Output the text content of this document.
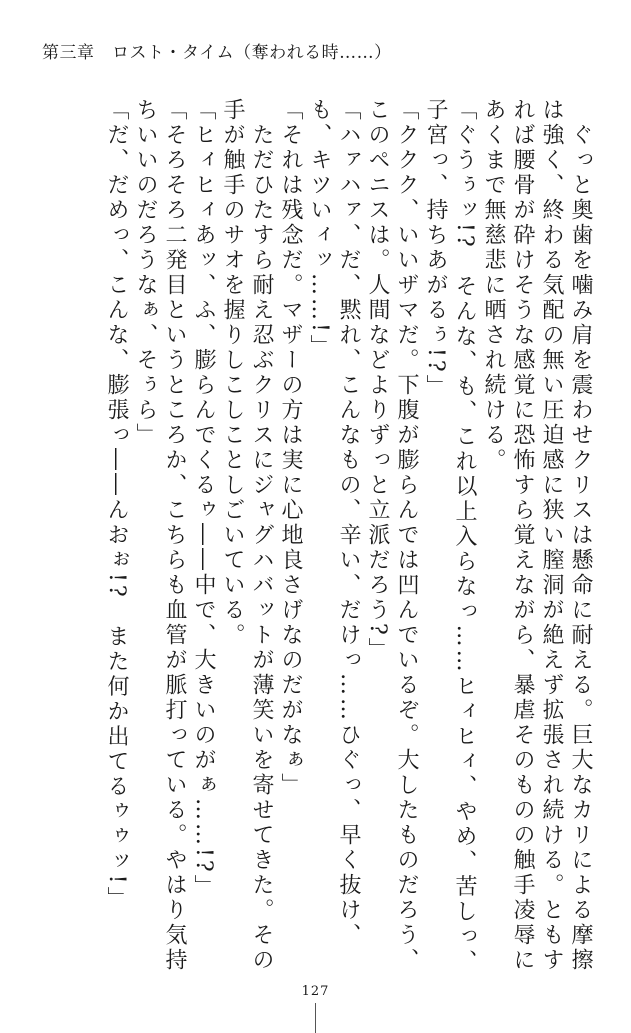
第三章　ロスト・タイム（奪われる時……）

　ぐっと奥歯を噛み肩を震わせクリスは懸命に耐える。巨大なカリによる摩擦は強く、終わる気配の無い圧迫感に狭い膣洞が絶えず拡張され続ける。ともすれば腰骨が砕けそうな感覚に恐怖すら覚えながら、暴虐そのものの触手凌辱にあくまで無慈悲に晒され続ける。

「ぐうぅッ!?　そんな、も、これ以上入らなっ……ヒィヒィ、やめ、苦しっ、子宮っ、持ちあがるぅ!?」

「ククク、いいザマだ。下腹が膨らんでは凹んでいるぞ。大したものだろう、このペニスは。人間などよりずっと立派だろう?」

「ハァハァ、だ、黙れ、こんなもの、辛い、だけっ……ひぐっ、早く抜け、も、キツいィッ……!」

「それは残念だ。マザーの方は実に心地良さげなのだがなぁ」

　ただひたすら耐え忍ぶクリスにジャグハバットが薄笑いを寄せてきた。その手が触手のサオを握りしこしことしごいている。

「ヒィヒィあッ、ふ、膨らんでくるゥ――中で、大きいのがぁ……!?」

「そろそろ二発目というところか、こちらも血管が脈打っている。やはり気持ちいいのだろうなぁ、そぅら」

「だ、だめっ、こんな、膨張っ――んおぉ!?　また何か出てるゥゥッ!」

127
